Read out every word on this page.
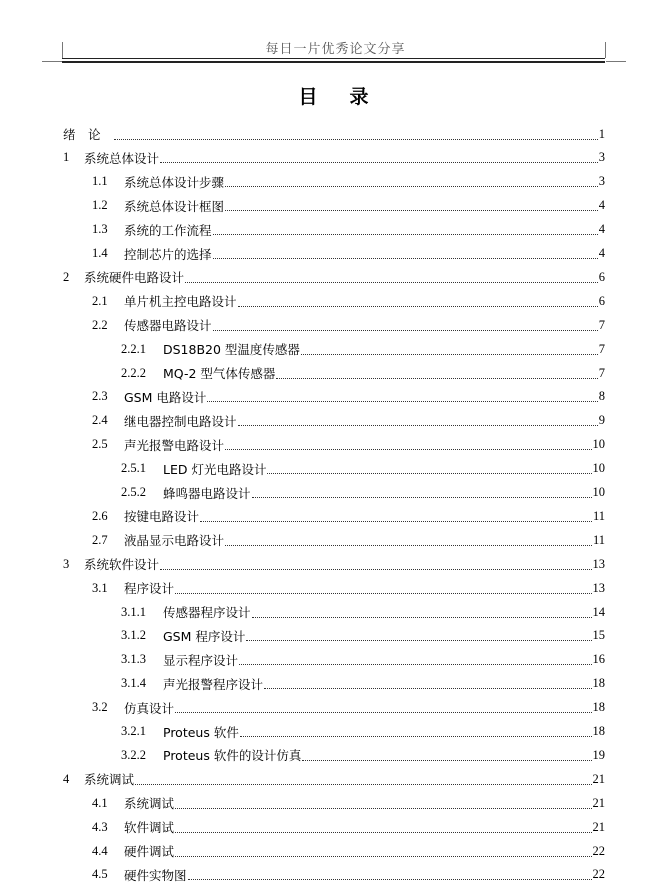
每日一片优秀论文分享
目 录
绪　论	1
1	系统总体设计	3
1.1	系统总体设计步骤	3
1.2	系统总体设计框图	4
1.3	系统的工作流程	4
1.4	控制芯片的选择	4
2	系统硬件电路设计	6
2.1	单片机主控电路设计	6
2.2	传感器电路设计	7
2.2.1	DS18B20 型温度传感器	7
2.2.2	MQ-2 型气体传感器	7
2.3	GSM 电路设计	8
2.4	继电器控制电路设计	9
2.5	声光报警电路设计	10
2.5.1	LED 灯光电路设计	10
2.5.2	蜂鸣器电路设计	10
2.6	按键电路设计	11
2.7	液晶显示电路设计	11
3	系统软件设计	13
3.1	程序设计	13
3.1.1	传感器程序设计	14
3.1.2	GSM 程序设计	15
3.1.3	显示程序设计	16
3.1.4	声光报警程序设计	18
3.2	仿真设计	18
3.2.1	Proteus 软件	18
3.2.2	Proteus 软件的设计仿真	19
4	系统调试	21
4.1	系统调试	21
4.3	软件调试	21
4.4	硬件调试	22
4.5	硬件实物图	22
